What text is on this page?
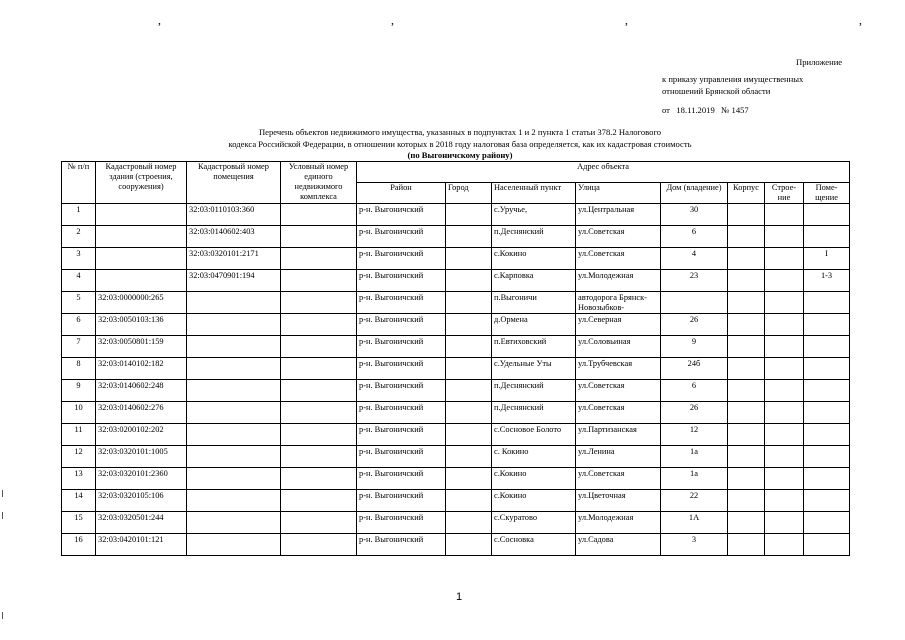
,	,	,	,
Приложение
к приказу управления имущественных
отношений Брянской области
от   18.11.2019   № 1457
Перечень объектов недвижимого имущества, указанных в подпунктах 1 и 2 пункта 1 статьи 378.2 Налогового
кодекса Российской Федерации, в отношении которых в 2018 году налоговая база определяется, как их кадастровая стоимость
(по Выгоничскому району)
№ п/п	Кадастровый номер здания (строения, сооружения)	Кадастровый номер помещения	Условный номер единого недвижимого комплекса	Адрес объекта							
				Район	Город	Населенный пункт	Улица	Дом (владение)	Корпус	Строе-ние	Поме-щение
1		32:03:0110103:360		р-н. Выгоничский		с.Уручье,	ул.Центральная	30			
2		32:03:0140602:403		р-н. Выгоничский		п.Деснянский	ул.Советская	6			
3		32:03:0320101:2171		р-н. Выгоничский		с.Кокино	ул.Советская	4			I
4		32:03:0470901:194		р-н. Выгоничский		с.Карповка	ул.Молодежная	23			1-3
5	32:03:0000000:265			р-н. Выгоничский		п.Выгоничи	автодорога Брянск-Новозыбков-				
6	32:03:0050103:136			р-н. Выгоничский		д.Ормена	ул.Северная	26			
7	32:03:0050801:159			р-н. Выгоничский		п.Евтиховский	ул.Соловьиная	9			
8	32:03:0140102:182			р-н. Выгоничский		с.Удельные Уты	ул.Трубчевская	24б			
9	32:03:0140602:248			р-н. Выгоничский		п.Деснянский	ул.Советская	6			
10	32:03:0140602:276			р-н. Выгоничский		п.Деснянский	ул.Советская	26			
11	32:03:0200102:202			р-н. Выгоничский		с.Сосновое Болото	ул.Партизанская	12			
12	32:03:0320101:1005			р-н. Выгоничский		с. Кокино	ул.Ленина	1а			
13	32:03:0320101:2360			р-н. Выгоничский		с.Кокино	ул.Советская	1а			
14	32:03:0320105:106			р-н. Выгоничский		с.Кокино	ул.Цветочная	22			
15	32:03:0320501:244			р-н. Выгоничский		с.Скуратово	ул.Молодежная	1А			
16	32:03:0420101:121			р-н. Выгоничский		с.Сосновка	ул.Садова	3			
1
